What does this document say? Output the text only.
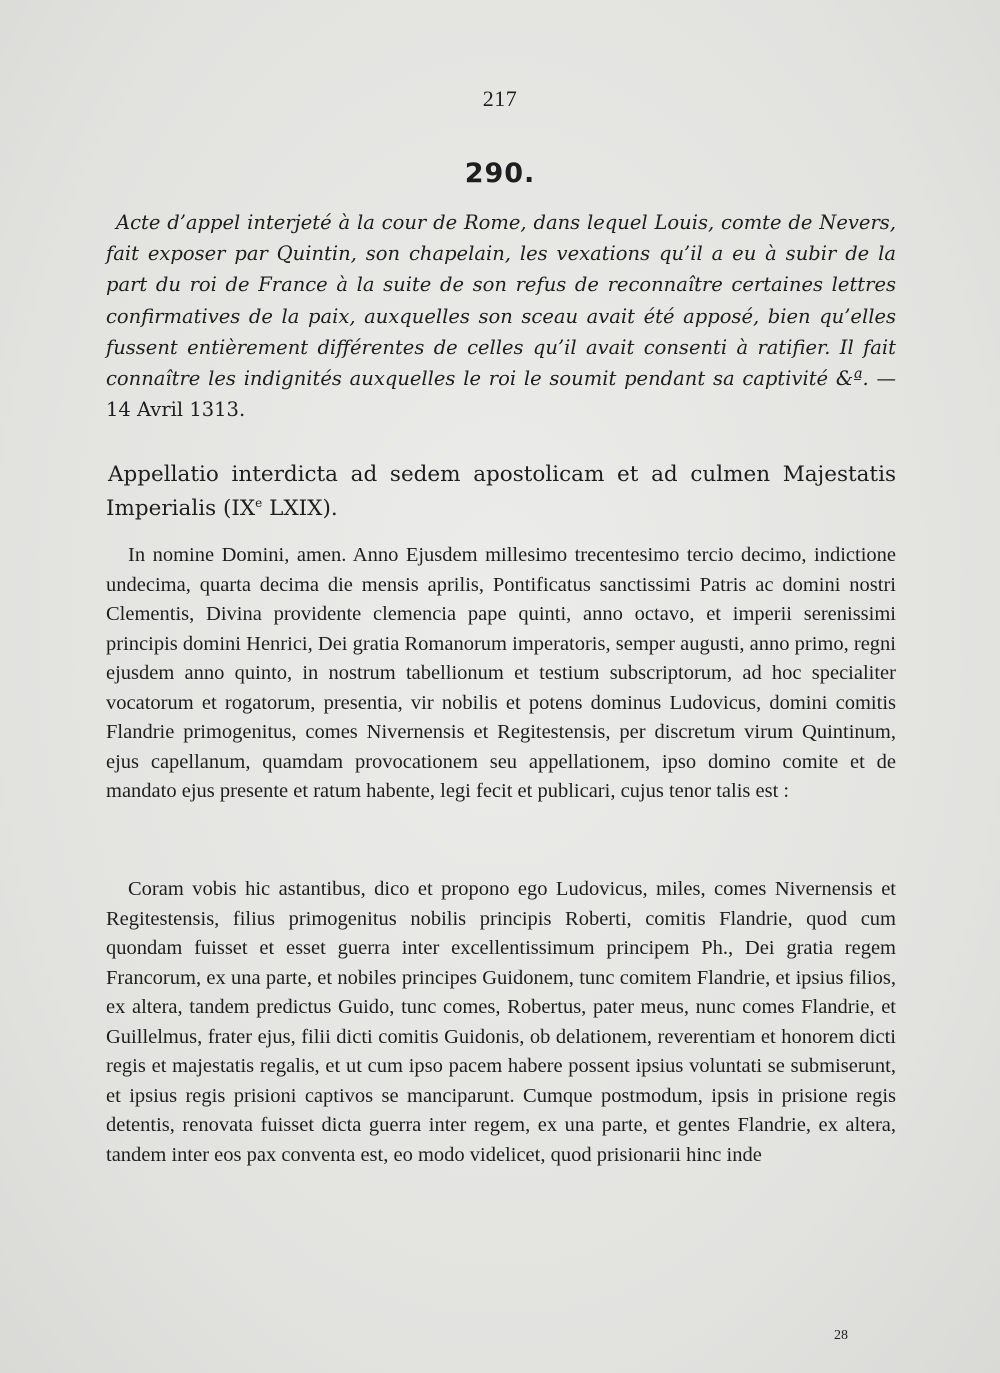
217
290.

Acte d’appel interjeté à la cour de Rome, dans lequel Louis, comte de Nevers, fait exposer par Quintin, son chapelain, les vexations qu’il a eu à subir de la part du roi de France à la suite de son refus de reconnaître certaines lettres confirmatives de la paix, auxquelles son sceau avait été apposé, bien qu’elles fussent entièrement différentes de celles qu’il avait consenti à ratifier. Il fait connaître les indignités auxquelles le roi le soumit pendant sa captivité &ª. — 14 Avril 1313.

Appellatio interdicta ad sedem apostolicam et ad culmen Majestatis Imperialis (IXe LXIX).

In nomine Domini, amen. Anno Ejusdem millesimo trecentesimo tercio decimo, indictione undecima, quarta decima die mensis aprilis, Pontificatus sanctissimi Patris ac domini nostri Clementis, Divina providente clemencia pape quinti, anno octavo, et imperii serenissimi principis domini Henrici, Dei gratia Romanorum imperatoris, semper augusti, anno primo, regni ejusdem anno quinto, in nostrum tabellionum et testium subscriptorum, ad hoc specialiter vocatorum et rogatorum, presentia, vir nobilis et potens dominus Ludovicus, domini comitis Flandrie primogenitus, comes Nivernensis et Regitestensis, per discretum virum Quintinum, ejus capellanum, quamdam provocationem seu appellationem, ipso domino comite et de mandato ejus presente et ratum habente, legi fecit et publicari, cujus tenor talis est :

Coram vobis hic astantibus, dico et propono ego Ludovicus, miles, comes Nivernensis et Regitestensis, filius primogenitus nobilis principis Roberti, comitis Flandrie, quod cum quondam fuisset et esset guerra inter excellentissimum principem Ph., Dei gratia regem Francorum, ex una parte, et nobiles principes Guidonem, tunc comitem Flandrie, et ipsius filios, ex altera, tandem predictus Guido, tunc comes, Robertus, pater meus, nunc comes Flandrie, et Guillelmus, frater ejus, filii dicti comitis Guidonis, ob delationem, reverentiam et honorem dicti regis et majestatis regalis, et ut cum ipso pacem habere possent ipsius voluntati se submiserunt, et ipsius regis prisioni captivos se manciparunt. Cumque postmodum, ipsis in prisione regis detentis, renovata fuisset dicta guerra inter regem, ex una parte, et gentes Flandrie, ex altera, tandem inter eos pax conventa est, eo modo videlicet, quod prisionarii hinc inde

28
